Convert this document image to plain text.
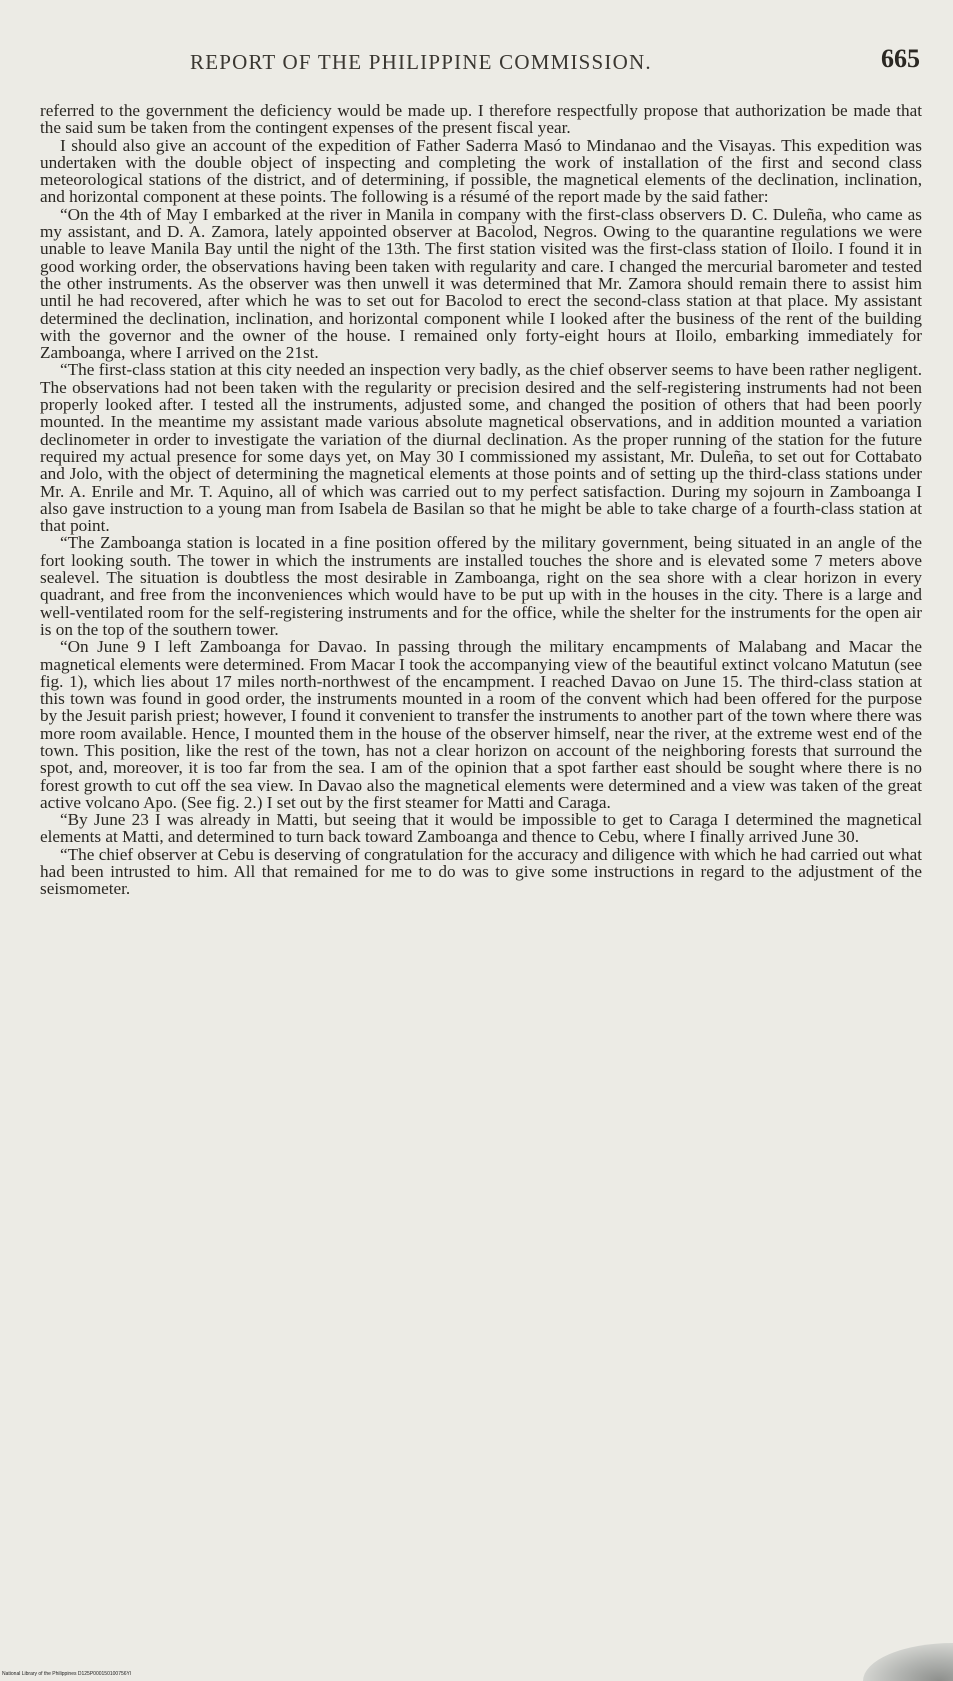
REPORT OF THE PHILIPPINE COMMISSION.	665

referred to the government the deficiency would be made up. I therefore respectfully propose that authorization be made that the said sum be taken from the contingent expenses of the present fiscal year.

I should also give an account of the expedition of Father Saderra Masó to Mindanao and the Visayas. This expedition was undertaken with the double object of inspecting and completing the work of installation of the first and second class meteorological stations of the district, and of determining, if possible, the magnetical elements of the declination, inclination, and horizontal component at these points. The following is a résumé of the report made by the said father:

“On the 4th of May I embarked at the river in Manila in company with the first-class observers D. C. Duleña, who came as my assistant, and D. A. Zamora, lately appointed observer at Bacolod, Negros. Owing to the quarantine regulations we were unable to leave Manila Bay until the night of the 13th. The first station visited was the first-class station of Iloilo. I found it in good working order, the observations having been taken with regularity and care. I changed the mercurial barometer and tested the other instruments. As the observer was then unwell it was determined that Mr. Zamora should remain there to assist him until he had recovered, after which he was to set out for Bacolod to erect the second-class station at that place. My assistant determined the declination, inclination, and horizontal component while I looked after the business of the rent of the building with the governor and the owner of the house. I remained only forty-eight hours at Iloilo, embarking immediately for Zamboanga, where I arrived on the 21st.

“The first-class station at this city needed an inspection very badly, as the chief observer seems to have been rather negligent. The observations had not been taken with the regularity or precision desired and the self-registering instruments had not been properly looked after. I tested all the instruments, adjusted some, and changed the position of others that had been poorly mounted. In the meantime my assistant made various absolute magnetical observations, and in addition mounted a variation declinometer in order to investigate the variation of the diurnal declination. As the proper running of the station for the future required my actual presence for some days yet, on May 30 I commissioned my assistant, Mr. Duleña, to set out for Cottabato and Jolo, with the object of determining the magnetical elements at those points and of setting up the third-class stations under Mr. A. Enrile and Mr. T. Aquino, all of which was carried out to my perfect satisfaction. During my sojourn in Zamboanga I also gave instruction to a young man from Isabela de Basilan so that he might be able to take charge of a fourth-class station at that point.

“The Zamboanga station is located in a fine position offered by the military government, being situated in an angle of the fort looking south. The tower in which the instruments are installed touches the shore and is elevated some 7 meters above sealevel. The situation is doubtless the most desirable in Zamboanga, right on the sea shore with a clear horizon in every quadrant, and free from the inconveniences which would have to be put up with in the houses in the city. There is a large and well-ventilated room for the self-registering instruments and for the office, while the shelter for the instruments for the open air is on the top of the southern tower.

“On June 9 I left Zamboanga for Davao. In passing through the military encampments of Malabang and Macar the magnetical elements were determined. From Macar I took the accompanying view of the beautiful extinct volcano Matutun (see fig. 1), which lies about 17 miles north-northwest of the encampment. I reached Davao on June 15. The third-class station at this town was found in good order, the instruments mounted in a room of the convent which had been offered for the purpose by the Jesuit parish priest; however, I found it convenient to transfer the instruments to another part of the town where there was more room available. Hence, I mounted them in the house of the observer himself, near the river, at the extreme west end of the town. This position, like the rest of the town, has not a clear horizon on account of the neighboring forests that surround the spot, and, moreover, it is too far from the sea. I am of the opinion that a spot farther east should be sought where there is no forest growth to cut off the sea view. In Davao also the magnetical elements were determined and a view was taken of the great active volcano Apo. (See fig. 2.) I set out by the first steamer for Matti and Caraga.

“By June 23 I was already in Matti, but seeing that it would be impossible to get to Caraga I determined the magnetical elements at Matti, and determined to turn back toward Zamboanga and thence to Cebu, where I finally arrived June 30.

“The chief observer at Cebu is deserving of congratulation for the accuracy and diligence with which he had carried out what had been intrusted to him. All that remained for me to do was to give some instructions in regard to the adjustment of the seismometer.

National Library of the Philippines D125P000150100756Yl
